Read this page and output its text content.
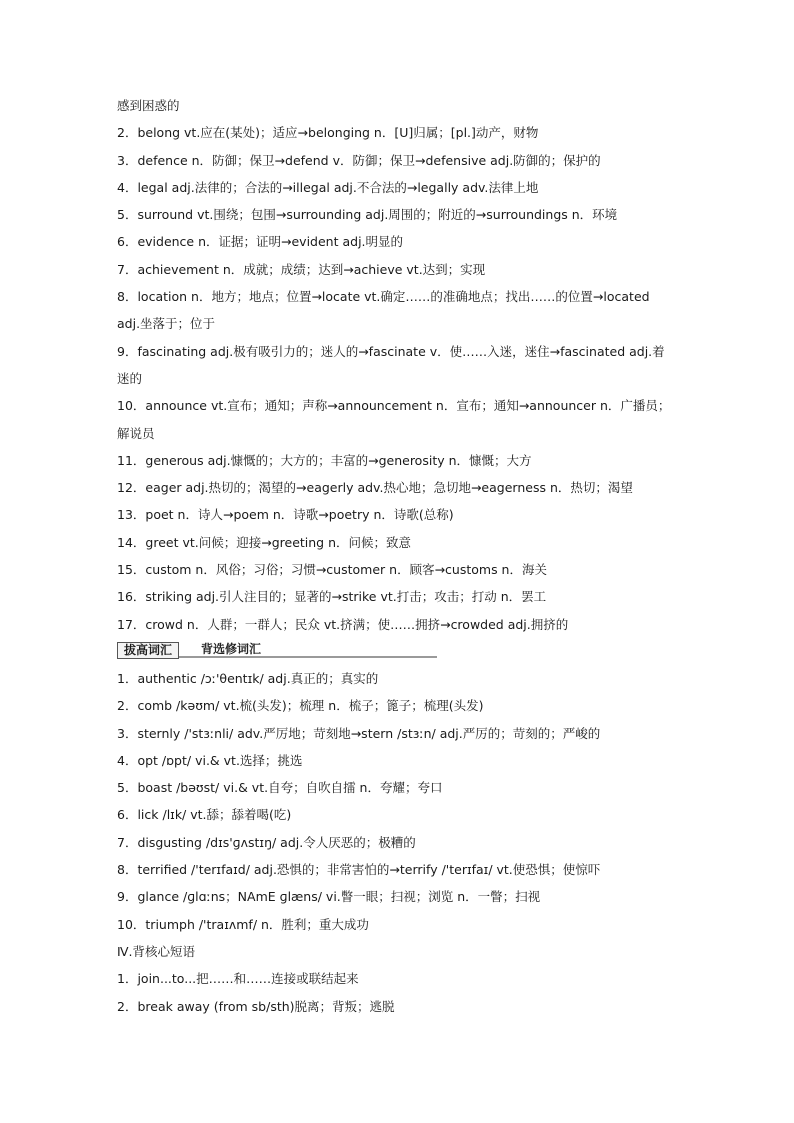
感到困惑的
2．belong vt.应在(某处)；适应→belonging n．[U]归属；[pl.]动产，财物
3．defence n．防御；保卫→defend v．防御；保卫→defensive adj.防御的；保护的
4．legal adj.法律的；合法的→illegal adj.不合法的→legally adv.法律上地
5．surround vt.围绕；包围→surrounding adj.周围的；附近的→surroundings n．环境
6．evidence n．证据；证明→evident adj.明显的
7．achievement n．成就；成绩；达到→achieve vt.达到；实现
8．location n．地方；地点；位置→locate vt.确定……的准确地点；找出……的位置→located
adj.坐落于；位于
9．fascinating adj.极有吸引力的；迷人的→fascinate v．使……入迷，迷住→fascinated adj.着
迷的
10．announce vt.宣布；通知；声称→announcement n．宣布；通知→announcer n．广播员；
解说员
11．generous adj.慷慨的；大方的；丰富的→generosity n．慷慨；大方
12．eager adj.热切的；渴望的→eagerly adv.热心地；急切地→eagerness n．热切；渴望
13．poet n．诗人→poem n．诗歌→poetry n．诗歌(总称)
14．greet vt.问候；迎接→greeting n．问候；致意
15．custom n．风俗；习俗；习惯→customer n．顾客→customs n．海关
16．striking adj.引人注目的；显著的→strike vt.打击；攻击；打动 n．罢工
17．crowd n．人群；一群人；民众 vt.挤满；使……拥挤→crowded adj.拥挤的
拔高词汇	背选修词汇
1．authentic /ɔː'θentɪk/ adj.真正的；真实的
2．comb /kəʊm/ vt.梳(头发)；梳理 n．梳子；篦子；梳理(头发)
3．sternly /'stɜːnli/ adv.严厉地；苛刻地→stern /stɜːn/ adj.严厉的；苛刻的；严峻的
4．opt /ɒpt/ vi.& vt.选择；挑选
5．boast /bəʊst/ vi.& vt.自夸；自吹自擂 n．夸耀；夸口
6．lick /lɪk/ vt.舔；舔着喝(吃)
7．disgusting /dɪs'ɡʌstɪŋ/ adj.令人厌恶的；极糟的
8．terrified /'terɪfaɪd/ adj.恐惧的；非常害怕的→terrify /'terɪfaɪ/ vt.使恐惧；使惊吓
9．glance /ɡlɑːns；NAmE ɡlæns/ vi.瞥一眼；扫视；浏览 n．一瞥；扫视
10．triumph /'traɪʌmf/ n．胜利；重大成功
Ⅳ.背核心短语
1．join...to...把……和……连接或联结起来
2．break away (from sb/sth)脱离；背叛；逃脱
